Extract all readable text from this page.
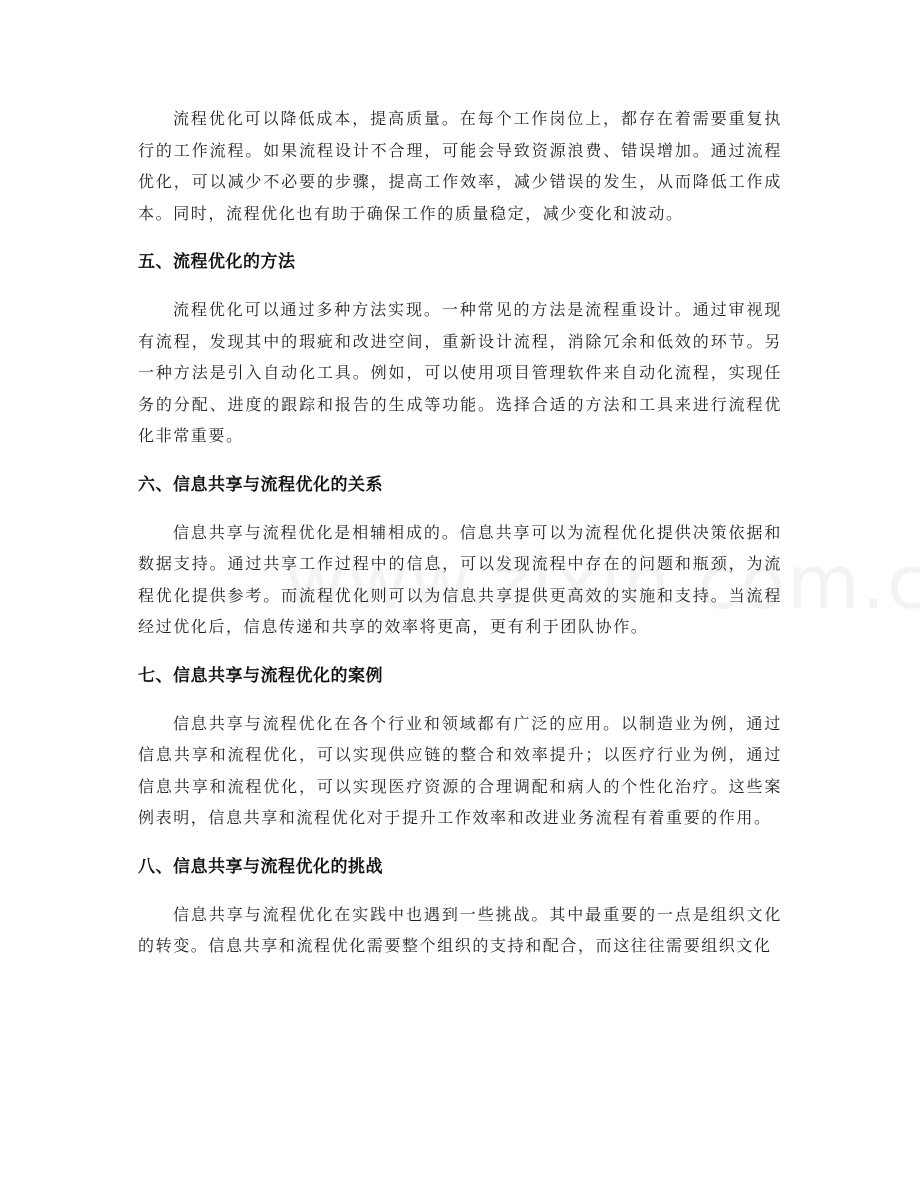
流程优化可以降低成本，提高质量。在每个工作岗位上，都存在着需要重复执行的工作流程。如果流程设计不合理，可能会导致资源浪费、错误增加。通过流程优化，可以减少不必要的步骤，提高工作效率，减少错误的发生，从而降低工作成本。同时，流程优化也有助于确保工作的质量稳定，减少变化和波动。

五、流程优化的方法

流程优化可以通过多种方法实现。一种常见的方法是流程重设计。通过审视现有流程，发现其中的瑕疵和改进空间，重新设计流程，消除冗余和低效的环节。另一种方法是引入自动化工具。例如，可以使用项目管理软件来自动化流程，实现任务的分配、进度的跟踪和报告的生成等功能。选择合适的方法和工具来进行流程优化非常重要。

六、信息共享与流程优化的关系

信息共享与流程优化是相辅相成的。信息共享可以为流程优化提供决策依据和数据支持。通过共享工作过程中的信息，可以发现流程中存在的问题和瓶颈，为流程优化提供参考。而流程优化则可以为信息共享提供更高效的实施和支持。当流程经过优化后，信息传递和共享的效率将更高，更有利于团队协作。

七、信息共享与流程优化的案例

信息共享与流程优化在各个行业和领域都有广泛的应用。以制造业为例，通过信息共享和流程优化，可以实现供应链的整合和效率提升；以医疗行业为例，通过信息共享和流程优化，可以实现医疗资源的合理调配和病人的个性化治疗。这些案例表明，信息共享和流程优化对于提升工作效率和改进业务流程有着重要的作用。

八、信息共享与流程优化的挑战

信息共享与流程优化在实践中也遇到一些挑战。其中最重要的一点是组织文化的转变。信息共享和流程优化需要整个组织的支持和配合，而这往往需要组织文化
